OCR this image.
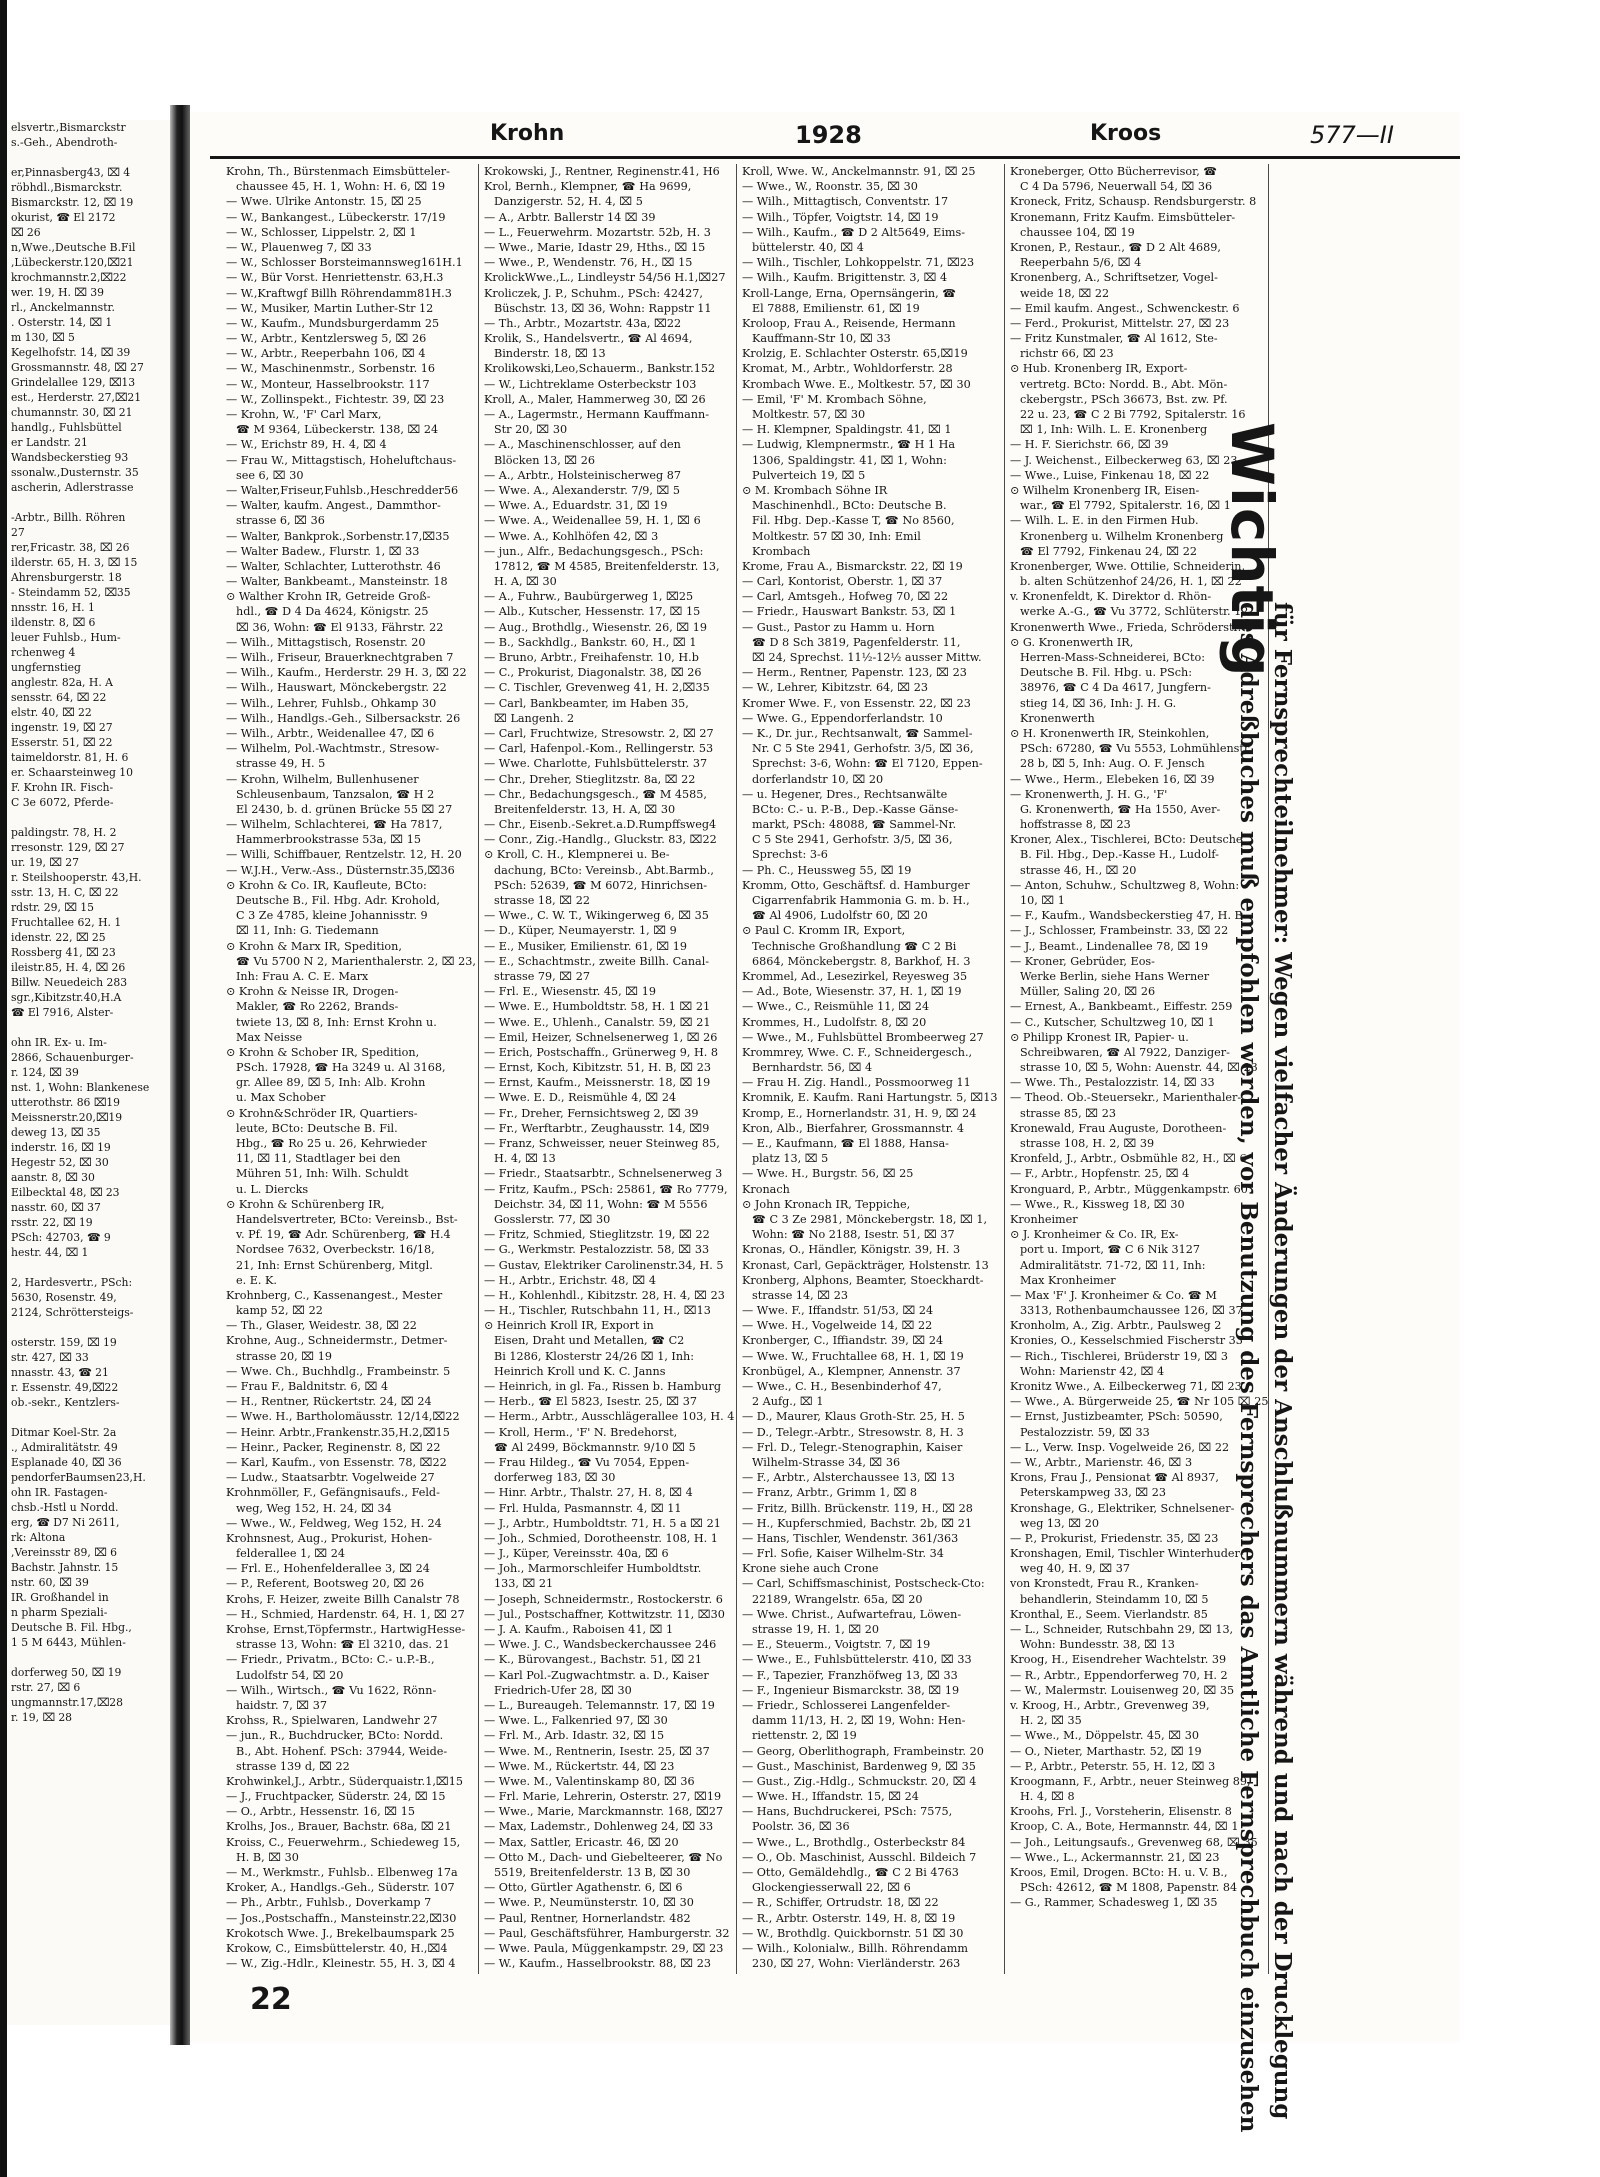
elsvertr.,Bismarckstr
s.-Geh., Abendroth-
er,Pinnasberg43, ⌧ 4
röbhdl.,Bismarckstr.
Bismarckstr. 12, ⌧ 19
okurist, ☎ El 2172
⌧ 26
n,Wwe.,Deutsche B.Fil
,Lübeckerstr.120,⌧21
krochmannstr.2,⌧22
wer. 19, H. ⌧ 39
rl., Anckelmannstr.
. Osterstr. 14, ⌧ 1
m 130, ⌧ 5
Kegelhofstr. 14, ⌧ 39
Grossmannstr. 48, ⌧ 27
Grindelallee 129, ⌧13
est., Herderstr. 27,⌧21
chumannstr. 30, ⌧ 21
handlg., Fuhlsbüttel
er Landstr. 21
Wandsbeckerstieg 93
ssonalw.,Dusternstr. 35
ascherin, Adlerstrasse
-Arbtr., Billh. Röhren
27
rer,Fricastr. 38, ⌧ 26
ilderstr. 65, H. 3, ⌧ 15
Ahrensburgerstr. 18
- Steindamm 52, ⌧35
nnsstr. 16, H. 1
ildenstr. 8, ⌧ 6
leuer Fuhlsb., Hum-
rchenweg 4
ungfernstieg
anglestr. 82a, H. A
sensstr. 64, ⌧ 22
elstr. 40, ⌧ 22
ingenstr. 19, ⌧ 27
Esserstr. 51, ⌧ 22
taimeldorstr. 81, H. 6
er. Schaarsteinweg 10
F. Krohn IR. Fisch-
C 3e 6072, Pferde-
paldingstr. 78, H. 2
rresonstr. 129, ⌧ 27
ur. 19, ⌧ 27
r. Steilshooperstr. 43,H.
sstr. 13, H. C, ⌧ 22
rdstr. 29, ⌧ 15
Fruchtallee 62, H. 1
idenstr. 22, ⌧ 25
Rossberg 41, ⌧ 23
ileistr.85, H. 4, ⌧ 26
Billw. Neuedeich 283
sgr.,Kibitzstr.40,H.A
☎ El 7916, Alster-
ohn IR. Ex- u. Im-
2866, Schauenburger-
r. 124, ⌧ 39
nst. 1, Wohn: Blankenese
utterothstr. 86 ⌧19
Meissnerstr.20,⌧19
deweg 13, ⌧ 35
inderstr. 16, ⌧ 19
Hegestr 52, ⌧ 30
aanstr. 8, ⌧ 30
Eilbecktal 48, ⌧ 23
nasstr. 60, ⌧ 37
rsstr. 22, ⌧ 19
PSch: 42703, ☎ 9
hestr. 44, ⌧ 1
2, Hardesvertr., PSch:
5630, Rosenstr. 49,
2124, Schröttersteigs-
osterstr. 159, ⌧ 19
str. 427, ⌧ 33
nnasstr. 43, ☎ 21
r. Essenstr. 49,⌧22
ob.-sekr., Kentzlers-
Ditmar Koel-Str. 2a
., Admiralitätstr. 49
Esplanade 40, ⌧ 36
pendorferBaumsen23,H.
ohn IR. Fastagen-
chsb.-Hstl u Nordd.
erg, ☎ D7 Ni 2611,
rk: Altona
,Vereinsstr 89, ⌧ 6
Bachstr. Jahnstr. 15
nstr. 60, ⌧ 39
IR. Großhandel in
n pharm Speziali-
Deutsche B. Fil. Hbg.,
1 5 M 6443, Mühlen-
dorferweg 50, ⌧ 19
rstr. 27, ⌧ 6
ungmannstr.17,⌧28
r. 19, ⌧ 28
Krohn	1928	Kroos	577—II
Krohn, Th., Bürstenmach Eimsbütteler-
chaussee 45, H. 1, Wohn: H. 6, ⌧ 19
— Wwe. Ulrike Antonstr. 15, ⌧ 25
— W., Bankangest., Lübeckerstr. 17/19
— W., Schlosser, Lippelstr. 2, ⌧ 1
— W., Plauenweg 7, ⌧ 33
— W., Schlosser Borsteimannsweg161H.1
— W., Bür Vorst. Henriettenstr. 63,H.3
— W.,Kraftwgf Billh Röhrendamm81H.3
— W., Musiker, Martin Luther-Str 12
— W., Kaufm., Mundsburgerdamm 25
— W., Arbtr., Kentzlersweg 5, ⌧ 26
— W., Arbtr., Reeperbahn 106, ⌧ 4
— W., Maschinenmstr., Sorbenstr. 16
— W., Monteur, Hasselbrookstr. 117
— W., Zollinspekt., Fichtestr. 39, ⌧ 23
— Krohn, W., 'F' Carl Marx,
☎ M 9364, Lübeckerstr. 138, ⌧ 24
— W., Erichstr 89, H. 4, ⌧ 4
— Frau W., Mittagstisch, Hoheluftchaus-
see 6, ⌧ 30
— Walter,Friseur,Fuhlsb.,Heschredder56
— Walter, kaufm. Angest., Dammthor-
strasse 6, ⌧ 36
— Walter, Bankprok.,Sorbenstr.17,⌧35
— Walter Badew., Flurstr. 1, ⌧ 33
— Walter, Schlachter, Lutterothstr. 46
— Walter, Bankbeamt., Mansteinstr. 18
⊙ Walther Krohn IR, Getreide Groß-
hdl., ☎ D 4 Da 4624, Königstr. 25
⌧ 36, Wohn: ☎ El 9133, Fährstr. 22
— Wilh., Mittagstisch, Rosenstr. 20
— Wilh., Friseur, Brauerknechtgraben 7
— Wilh., Kaufm., Herderstr. 29 H. 3, ⌧ 22
— Wilh., Hauswart, Mönckebergstr. 22
— Wilh., Lehrer, Fuhlsb., Ohkamp 30
— Wilh., Handlgs.-Geh., Silbersackstr. 26
— Wilh., Arbtr., Weidenallee 47, ⌧ 6
— Wilhelm, Pol.-Wachtmstr., Stresow-
strasse 49, H. 5
— Krohn, Wilhelm, Bullenhusener
Schleusenbaum, Tanzsalon, ☎ H 2
El 2430, b. d. grünen Brücke 55 ⌧ 27
— Wilhelm, Schlachterei, ☎ Ha 7817,
Hammerbrookstrasse 53a, ⌧ 15
— Willi, Schiffbauer, Rentzelstr. 12, H. 20
— W.J.H., Verw.-Ass., Düsternstr.35,⌧36
⊙ Krohn & Co. IR, Kaufleute, BCto:
Deutsche B., Fil. Hbg. Adr. Krohold,
C 3 Ze 4785, kleine Johannisstr. 9
⌧ 11, Inh: G. Tiedemann
⊙ Krohn & Marx IR, Spedition,
☎ Vu 5700 N 2, Marienthalerstr. 2, ⌧ 23,
Inh: Frau A. C. E. Marx
⊙ Krohn & Neisse IR, Drogen-
Makler, ☎ Ro 2262, Brands-
twiete 13, ⌧ 8, Inh: Ernst Krohn u.
Max Neisse
⊙ Krohn & Schober IR, Spedition,
PSch. 17928, ☎ Ha 3249 u. Al 3168,
gr. Allee 89, ⌧ 5, Inh: Alb. Krohn
u. Max Schober
⊙ Krohn&Schröder IR, Quartiers-
leute, BCto: Deutsche B. Fil.
Hbg., ☎ Ro 25 u. 26, Kehrwieder
11, ⌧ 11, Stadtlager bei den
Mühren 51, Inh: Wilh. Schuldt
u. L. Diercks
⊙ Krohn & Schürenberg IR,
Handelsvertreter, BCto: Vereinsb., Bst-
v. Pf. 19, ☎ Adr. Schürenberg, ☎ H.4
Nordsee 7632, Overbeckstr. 16/18,
21, Inh: Ernst Schürenberg, Mitgl.
e. E. K.
Krohnberg, C., Kassenangest., Mester
kamp 52, ⌧ 22
— Th., Glaser, Weidestr. 38, ⌧ 22
Krohne, Aug., Schneidermstr., Detmer-
strasse 20, ⌧ 19
— Wwe. Ch., Buchhdlg., Frambeinstr. 5
— Frau F., Baldnitstr. 6, ⌧ 4
— H., Rentner, Rückertstr. 24, ⌧ 24
— Wwe. H., Bartholomäusstr. 12/14,⌧22
— Heinr. Arbtr.,Frankenstr.35,H.2,⌧15
— Heinr., Packer, Reginenstr. 8, ⌧ 22
— Karl, Kaufm., von Essenstr. 78, ⌧22
— Ludw., Staatsarbtr. Vogelweide 27
Krohnmöller, F., Gefängnisaufs., Feld-
weg, Weg 152, H. 24, ⌧ 34
— Wwe., W., Feldweg, Weg 152, H. 24
Krohnsnest, Aug., Prokurist, Hohen-
felderallee 1, ⌧ 24
— Frl. E., Hohenfelderallee 3, ⌧ 24
— P., Referent, Bootsweg 20, ⌧ 26
Krohs, F. Heizer, zweite Billh Canalstr 78
— H., Schmied, Hardenstr. 64, H. 1, ⌧ 27
Krohse, Ernst,Töpfermstr., HartwigHesse-
strasse 13, Wohn: ☎ El 3210, das. 21
— Friedr., Privatm., BCto: C.- u.P.-B.,
Ludolfstr 54, ⌧ 20
— Wilh., Wirtsch., ☎ Vu 1622, Rönn-
haidstr. 7, ⌧ 37
Krohss, R., Spielwaren, Landwehr 27
— jun., R., Buchdrucker, BCto: Nordd.
B., Abt. Hohenf. PSch: 37944, Weide-
strasse 139 d, ⌧ 22
Krohwinkel,J., Arbtr., Süderquaistr.1,⌧15
— J., Fruchtpacker, Süderstr. 24, ⌧ 15
— O., Arbtr., Hessenstr. 16, ⌧ 15
Krolhs, Jos., Brauer, Bachstr. 68a, ⌧ 21
Kroiss, C., Feuerwehrm., Schiedeweg 15,
H. B, ⌧ 30
— M., Werkmstr., Fuhlsb.. Elbenweg 17a
Kroker, A., Handlgs.-Geh., Süderstr. 107
— Ph., Arbtr., Fuhlsb., Doverkamp 7
— Jos.,Postschaffn., Mansteinstr.22,⌧30
Krokotsch Wwe. J., Brekelbaumspark 25
Krokow, C., Eimsbüttelerstr. 40, H.,⌧4
— W., Zig.-Hdlr., Kleinestr. 55, H. 3, ⌧ 4
Krokowski, J., Rentner, Reginenstr.41, H6
Krol, Bernh., Klempner, ☎ Ha 9699,
Danzigerstr. 52, H. 4, ⌧ 5
— A., Arbtr. Ballerstr 14 ⌧ 39
— L., Feuerwehrm. Mozartstr. 52b, H. 3
— Wwe., Marie, Idastr 29, Hths., ⌧ 15
— Wwe., P., Wendenstr. 76, H., ⌧ 15
KrolickWwe.,L., Lindleystr 54/56 H.1,⌧27
Kroliczek, J. P., Schuhm., PSch: 42427,
Büschstr. 13, ⌧ 36, Wohn: Rappstr 11
— Th., Arbtr., Mozartstr. 43a, ⌧22
Krolik, S., Handelsvertr., ☎ Al 4694,
Binderstr. 18, ⌧ 13
Krolikowski,Leo,Schauerm., Bankstr.152
— W., Lichtreklame Osterbeckstr 103
Kroll, A., Maler, Hammerweg 30, ⌧ 26
— A., Lagermstr., Hermann Kauffmann-
Str 20, ⌧ 30
— A., Maschinenschlosser, auf den
Blöcken 13, ⌧ 26
— A., Arbtr., Holsteinischerweg 87
— Wwe. A., Alexanderstr. 7/9, ⌧ 5
— Wwe. A., Eduardstr. 31, ⌧ 19
— Wwe. A., Weidenallee 59, H. 1, ⌧ 6
— Wwe. A., Kohlhöfen 42, ⌧ 3
— jun., Alfr., Bedachungsgesch., PSch:
17812, ☎ M 4585, Breitenfelderstr. 13,
H. A, ⌧ 30
— A., Fuhrw., Baubürgerweg 1, ⌧25
— Alb., Kutscher, Hessenstr. 17, ⌧ 15
— Aug., Brothdlg., Wiesenstr. 26, ⌧ 19
— B., Sackhdlg., Bankstr. 60, H., ⌧ 1
— Bruno, Arbtr., Freihafenstr. 10, H.b
— C., Prokurist, Diagonalstr. 38, ⌧ 26
— C. Tischler, Grevenweg 41, H. 2,⌧35
— Carl, Bankbeamter, im Haben 35,
⌧ Langenh. 2
— Carl, Fruchtwize, Stresowstr. 2, ⌧ 27
— Carl, Hafenpol.-Kom., Rellingerstr. 53
— Wwe. Charlotte, Fuhlsbüttelerstr. 37
— Chr., Dreher, Stieglitzstr. 8a, ⌧ 22
— Chr., Bedachungsgesch., ☎ M 4585,
Breitenfelderstr. 13, H. A, ⌧ 30
— Chr., Eisenb.-Sekret.a.D.Rumpffsweg4
— Conr., Zig.-Handlg., Gluckstr. 83, ⌧22
⊙ Kroll, C. H., Klempnerei u. Be-
dachung, BCto: Vereinsb., Abt.Barmb.,
PSch: 52639, ☎ M 6072, Hinrichsen-
strasse 18, ⌧ 22
— Wwe., C. W. T., Wikingerweg 6, ⌧ 35
— D., Küper, Neumayerstr. 1, ⌧ 9
— E., Musiker, Emilienstr. 61, ⌧ 19
— E., Schachtmstr., zweite Billh. Canal-
strasse 79, ⌧ 27
— Frl. E., Wiesenstr. 45, ⌧ 19
— Wwe. E., Humboldtstr. 58, H. 1 ⌧ 21
— Wwe. E., Uhlenh., Canalstr. 59, ⌧ 21
— Emil, Heizer, Schnelsenerweg 1, ⌧ 26
— Erich, Postschaffn., Grünerweg 9, H. 8
— Ernst, Koch, Kibitzstr. 51, H. B, ⌧ 23
— Ernst, Kaufm., Meissnerstr. 18, ⌧ 19
— Wwe. E. D., Reismühle 4, ⌧ 24
— Fr., Dreher, Fernsichtsweg 2, ⌧ 39
— Fr., Werftarbtr., Zeughausstr. 14, ⌧9
— Franz, Schweisser, neuer Steinweg 85,
H. 4, ⌧ 13
— Friedr., Staatsarbtr., Schnelsenerweg 3
— Fritz, Kaufm., PSch: 25861, ☎ Ro 7779,
Deichstr. 34, ⌧ 11, Wohn: ☎ M 5556
Gosslerstr. 77, ⌧ 30
— Fritz, Schmied, Stieglitzstr. 19, ⌧ 22
— G., Werkmstr. Pestalozzistr. 58, ⌧ 33
— Gustav, Elektriker Carolinenstr.34, H. 5
— H., Arbtr., Erichstr. 48, ⌧ 4
— H., Kohlenhdl., Kibitzstr. 28, H. 4, ⌧ 23
— H., Tischler, Rutschbahn 11, H., ⌧13
⊙ Heinrich Kroll IR, Export in
Eisen, Draht und Metallen, ☎ C2
Bi 1286, Klosterstr 24/26 ⌧ 1, Inh:
Heinrich Kroll und K. C. Janns
— Heinrich, in gl. Fa., Rissen b. Hamburg
— Herb., ☎ El 5823, Isestr. 25, ⌧ 37
— Herm., Arbtr., Ausschlägerallee 103, H. 4
— Kroll, Herm., 'F' N. Bredehorst,
☎ Al 2499, Böckmannstr. 9/10 ⌧ 5
— Frau Hildeg., ☎ Vu 7054, Eppen-
dorferweg 183, ⌧ 30
— Hinr. Arbtr., Thalstr. 27, H. 8, ⌧ 4
— Frl. Hulda, Pasmannstr. 4, ⌧ 11
— J., Arbtr., Humboldtstr. 71, H. 5 a ⌧ 21
— Joh., Schmied, Dorotheenstr. 108, H. 1
— J., Küper, Vereinsstr. 40a, ⌧ 6
— Joh., Marmorschleifer Humboldtstr.
133, ⌧ 21
— Joseph, Schneidermstr., Rostockerstr. 6
— Jul., Postschaffner, Kottwitzstr. 11, ⌧30
— J. A. Kaufm., Raboisen 41, ⌧ 1
— Wwe. J. C., Wandsbeckerchaussee 246
— K., Bürovangest., Bachstr. 51, ⌧ 21
— Karl Pol.-Zugwachtmstr. a. D., Kaiser
Friedrich-Ufer 28, ⌧ 30
— L., Bureaugeh. Telemannstr. 17, ⌧ 19
— Wwe. L., Falkenried 97, ⌧ 30
— Frl. M., Arb. Idastr. 32, ⌧ 15
— Wwe. M., Rentnerin, Isestr. 25, ⌧ 37
— Wwe. M., Rückertstr. 44, ⌧ 23
— Wwe. M., Valentinskamp 80, ⌧ 36
— Frl. Marie, Lehrerin, Osterstr. 27, ⌧19
— Wwe., Marie, Marckmannstr. 168, ⌧27
— Max, Lademstr., Dohlenweg 24, ⌧ 33
— Max, Sattler, Ericastr. 46, ⌧ 20
— Otto M., Dach- und Giebelteerer, ☎ No
5519, Breitenfelderstr. 13 B, ⌧ 30
— Otto, Gürtler Agathenstr. 6, ⌧ 6
— Wwe. P., Neumünsterstr. 10, ⌧ 30
— Paul, Rentner, Hornerlandstr. 482
— Paul, Geschäftsführer, Hamburgerstr. 32
— Wwe. Paula, Müggenkampstr. 29, ⌧ 23
— W., Kaufm., Hasselbrookstr. 88, ⌧ 23
Kroll, Wwe. W., Anckelmannstr. 91, ⌧ 25
— Wwe., W., Roonstr. 35, ⌧ 30
— Wilh., Mittagtisch, Conventstr. 17
— Wilh., Töpfer, Voigtstr. 14, ⌧ 19
— Wilh., Kaufm., ☎ D 2 Alt5649, Eims-
büttelerstr. 40, ⌧ 4
— Wilh., Tischler, Lohkoppelstr. 71, ⌧23
— Wilh., Kaufm. Brigittenstr. 3, ⌧ 4
Kroll-Lange, Erna, Opernsängerin, ☎
El 7888, Emilienstr. 61, ⌧ 19
Kroloop, Frau A., Reisende, Hermann
Kauffmann-Str 10, ⌧ 33
Krolzig, E. Schlachter Osterstr. 65,⌧19
Kromat, M., Arbtr., Wohldorferstr. 28
Krombach Wwe. E., Moltkestr. 57, ⌧ 30
— Emil, 'F' M. Krombach Söhne,
Moltkestr. 57, ⌧ 30
— H. Klempner, Spaldingstr. 41, ⌧ 1
— Ludwig, Klempnermstr., ☎ H 1 Ha
1306, Spaldingstr. 41, ⌧ 1, Wohn:
Pulverteich 19, ⌧ 5
⊙ M. Krombach Söhne IR
Maschinenhdl., BCto: Deutsche B.
Fil. Hbg. Dep.-Kasse T, ☎ No 8560,
Moltkestr. 57 ⌧ 30, Inh: Emil
Krombach
Krome, Frau A., Bismarckstr. 22, ⌧ 19
— Carl, Kontorist, Oberstr. 1, ⌧ 37
— Carl, Amtsgeh., Hofweg 70, ⌧ 22
— Friedr., Hauswart Bankstr. 53, ⌧ 1
— Gust., Pastor zu Hamm u. Horn
☎ D 8 Sch 3819, Pagenfelderstr. 11,
⌧ 24, Sprechst. 11½-12½ ausser Mittw.
— Herm., Rentner, Papenstr. 123, ⌧ 23
— W., Lehrer, Kibitzstr. 64, ⌧ 23
Kromer Wwe. F., von Essenstr. 22, ⌧ 23
— Wwe. G., Eppendorferlandstr. 10
— K., Dr. jur., Rechtsanwalt, ☎ Sammel-
Nr. C 5 Ste 2941, Gerhofstr. 3/5, ⌧ 36,
Sprechst: 3-6, Wohn: ☎ El 7120, Eppen-
dorferlandstr 10, ⌧ 20
— u. Hegener, Dres., Rechtsanwälte
BCto: C.- u. P.-B., Dep.-Kasse Gänse-
markt, PSch: 48088, ☎ Sammel-Nr.
C 5 Ste 2941, Gerhofstr. 3/5, ⌧ 36,
Sprechst: 3-6
— Ph. C., Heussweg 55, ⌧ 19
Kromm, Otto, Geschäftsf. d. Hamburger
Cigarrenfabrik Hammonia G. m. b. H.,
☎ Al 4906, Ludolfstr 60, ⌧ 20
⊙ Paul C. Kromm IR, Export,
Technische Großhandlung ☎ C 2 Bi
6864, Mönckebergstr. 8, Barkhof, H. 3
Krommel, Ad., Lesezirkel, Reyesweg 35
— Ad., Bote, Wiesenstr. 37, H. 1, ⌧ 19
— Wwe., C., Reismühle 11, ⌧ 24
Krommes, H., Ludolfstr. 8, ⌧ 20
— Wwe., M., Fuhlsbüttel Brombeerweg 27
Krommrey, Wwe. C. F., Schneidergesch.,
Bernhardstr. 56, ⌧ 4
— Frau H. Zig. Handl., Possmoorweg 11
Kromnik, E. Kaufm. Rani Hartungstr. 5, ⌧13
Kromp, E., Hornerlandstr. 31, H. 9, ⌧ 24
Kron, Alb., Bierfahrer, Grossmannstr. 4
— E., Kaufmann, ☎ El 1888, Hansa-
platz 13, ⌧ 5
— Wwe. H., Burgstr. 56, ⌧ 25
Kronach
⊙ John Kronach IR, Teppiche,
☎ C 3 Ze 2981, Mönckebergstr. 18, ⌧ 1,
Wohn: ☎ No 2188, Isestr. 51, ⌧ 37
Kronas, O., Händler, Königstr. 39, H. 3
Kronast, Carl, Gepäckträger, Holstenstr. 13
Kronberg, Alphons, Beamter, Stoeckhardt-
strasse 14, ⌧ 23
— Wwe. F., Iffandstr. 51/53, ⌧ 24
— Wwe. H., Vogelweide 14, ⌧ 22
Kronberger, C., Iffiandstr. 39, ⌧ 24
— Wwe. W., Fruchtallee 68, H. 1, ⌧ 19
Kronbügel, A., Klempner, Annenstr. 37
— Wwe., C. H., Besenbinderhof 47,
2 Aufg., ⌧ 1
— D., Maurer, Klaus Groth-Str. 25, H. 5
— D., Telegr.-Arbtr., Stresowstr. 8, H. 3
— Frl. D., Telegr.-Stenographin, Kaiser
Wilhelm-Strasse 34, ⌧ 36
— F., Arbtr., Alsterchaussee 13, ⌧ 13
— Franz, Arbtr., Grimm 1, ⌧ 8
— Fritz, Billh. Brückenstr. 119, H., ⌧ 28
— H., Kupferschmied, Bachstr. 2b, ⌧ 21
— Hans, Tischler, Wendenstr. 361/363
— Frl. Sofie, Kaiser Wilhelm-Str. 34
Krone siehe auch Crone
— Carl, Schiffsmaschinist, Postscheck-Cto:
22189, Wrangelstr. 65a, ⌧ 20
— Wwe. Christ., Aufwartefrau, Löwen-
strasse 19, H. 1, ⌧ 20
— E., Steuerm., Voigtstr. 7, ⌧ 19
— Wwe., E., Fuhlsbüttelerstr. 410, ⌧ 33
— F., Tapezier, Franzhöfweg 13, ⌧ 33
— F., Ingenieur Bismarckstr. 38, ⌧ 19
— Friedr., Schlosserei Langenfelder-
damm 11/13, H. 2, ⌧ 19, Wohn: Hen-
riettenstr. 2, ⌧ 19
— Georg, Oberlithograph, Frambeinstr. 20
— Gust., Maschinist, Bardenweg 9, ⌧ 35
— Gust., Zig.-Hdlg., Schmuckstr. 20, ⌧ 4
— Wwe. H., Iffandstr. 15, ⌧ 24
— Hans, Buchdruckerei, PSch: 7575,
Poolstr. 36, ⌧ 36
— Wwe., L., Brothdlg., Osterbeckstr 84
— O., Ob. Maschinist, Ausschl. Bildeich 7
— Otto, Gemäldehdlg., ☎ C 2 Bi 4763
Glockengiesserwall 22, ⌧ 6
— R., Schiffer, Ortrudstr. 18, ⌧ 22
— R., Arbtr. Osterstr. 149, H. 8, ⌧ 19
— W., Brothdlg. Quickbornstr. 51 ⌧ 30
— Wilh., Kolonialw., Billh. Röhrendamm
230, ⌧ 27, Wohn: Vierländerstr. 263
Kroneberger, Otto Bücherrevisor, ☎
C 4 Da 5796, Neuerwall 54, ⌧ 36
Kroneck, Fritz, Schausp. Rendsburgerstr. 8
Kronemann, Fritz Kaufm. Eimsbütteler-
chaussee 104, ⌧ 19
Kronen, P., Restaur., ☎ D 2 Alt 4689,
Reeperbahn 5/6, ⌧ 4
Kronenberg, A., Schriftsetzer, Vogel-
weide 18, ⌧ 22
— Emil kaufm. Angest., Schwenckestr. 6
— Ferd., Prokurist, Mittelstr. 27, ⌧ 23
— Fritz Kunstmaler, ☎ Al 1612, Ste-
richstr 66, ⌧ 23
⊙ Hub. Kronenberg IR, Export-
vertretg. BCto: Nordd. B., Abt. Mön-
ckebergstr., PSch 36673, Bst. zw. Pf.
22 u. 23, ☎ C 2 Bi 7792, Spitalerstr. 16
⌧ 1, Inh: Wilh. L. E. Kronenberg
— H. F. Sierichstr. 66, ⌧ 39
— J. Weichenst., Eilbeckerweg 63, ⌧ 23
— Wwe., Luise, Finkenau 18, ⌧ 22
⊙ Wilhelm Kronenberg IR, Eisen-
war., ☎ El 7792, Spitalerstr. 16, ⌧ 1
— Wilh. L. E. in den Firmen Hub.
Kronenberg u. Wilhelm Kronenberg
☎ El 7792, Finkenau 24, ⌧ 22
Kronenberger, Wwe. Ottilie, Schneiderin,
b. alten Schützenhof 24/26, H. 1, ⌧ 22
v. Kronenfeldt, K. Direktor d. Rhön-
werke A.-G., ☎ Vu 3772, Schlüterstr. 12
Kronenwerth Wwe., Frieda, Schröderstr. 9
⊙ G. Kronenwerth IR,
Herren-Mass-Schneiderei, BCto:
Deutsche B. Fil. Hbg. u. PSch:
38976, ☎ C 4 Da 4617, Jungfern-
stieg 14, ⌧ 36, Inh: J. H. G.
Kronenwerth
⊙ H. Kronenwerth IR, Steinkohlen,
PSch: 67280, ☎ Vu 5553, Lohmühlenstr.
28 b, ⌧ 5, Inh: Aug. O. F. Jensch
— Wwe., Herm., Elebeken 16, ⌧ 39
— Kronenwerth, J. H. G., 'F'
G. Kronenwerth, ☎ Ha 1550, Aver-
hoffstrasse 8, ⌧ 23
Kroner, Alex., Tischlerei, BCto: Deutsche
B. Fil. Hbg., Dep.-Kasse H., Ludolf-
strasse 46, H., ⌧ 20
— Anton, Schuhw., Schultzweg 8, Wohn:
10, ⌧ 1
— F., Kaufm., Wandsbeckerstieg 47, H. B
— J., Schlosser, Frambeinstr. 33, ⌧ 22
— J., Beamt., Lindenallee 78, ⌧ 19
— Kroner, Gebrüder, Eos-
Werke Berlin, siehe Hans Werner
Müller, Saling 20, ⌧ 26
— Ernest, A., Bankbeamt., Eiffestr. 259
— C., Kutscher, Schultzweg 10, ⌧ 1
⊙ Philipp Kronest IR, Papier- u.
Schreibwaren, ☎ Al 7922, Danziger-
strasse 10, ⌧ 5, Wohn: Auenstr. 44, ⌧ 23
— Wwe. Th., Pestalozzistr. 14, ⌧ 33
— Theod. Ob.-Steuersekr., Marienthaler-
strasse 85, ⌧ 23
Kronewald, Frau Auguste, Dorotheen-
strasse 108, H. 2, ⌧ 39
Kronfeld, J., Arbtr., Osbmühle 82, H., ⌧ 6
— F., Arbtr., Hopfenstr. 25, ⌧ 4
Kronguard, P., Arbtr., Müggenkampstr. 60
— Wwe., R., Kissweg 18, ⌧ 30
Kronheimer
⊙ J. Kronheimer & Co. IR, Ex-
port u. Import, ☎ C 6 Nik 3127
Admiralitätstr. 71-72, ⌧ 11, Inh:
Max Kronheimer
— Max 'F' J. Kronheimer & Co. ☎ M
3313, Rothenbaumchaussee 126, ⌧ 37
Kronholm, A., Zig. Arbtr., Paulsweg 2
Kronies, O., Kesselschmied Fischerstr 33
— Rich., Tischlerei, Brüderstr 19, ⌧ 3
Wohn: Marienstr 42, ⌧ 4
Kronitz Wwe., A. Eilbeckerweg 71, ⌧ 23
— Wwe., A. Bürgerweide 25, ☎ Nr 105 ⌧ 25
— Ernst, Justizbeamter, PSch: 50590,
Pestalozzistr. 59, ⌧ 33
— L., Verw. Insp. Vogelweide 26, ⌧ 22
— W., Arbtr., Marienstr. 46, ⌧ 3
Krons, Frau J., Pensionat ☎ Al 8937,
Peterskampweg 33, ⌧ 23
Kronshage, G., Elektriker, Schnelsener-
weg 13, ⌧ 20
— P., Prokurist, Friedenstr. 35, ⌧ 23
Kronshagen, Emil, Tischler Winterhuder-
weg 40, H. 9, ⌧ 37
von Kronstedt, Frau R., Kranken-
behandlerin, Steindamm 10, ⌧ 5
Kronthal, E., Seem. Vierlandstr. 85
— L., Schneider, Rutschbahn 29, ⌧ 13,
Wohn: Bundesstr. 38, ⌧ 13
Kroog, H., Eisendreher Wachtelstr. 39
— R., Arbtr., Eppendorferweg 70, H. 2
— W., Malermstr. Louisenweg 20, ⌧ 35
v. Kroog, H., Arbtr., Grevenweg 39,
H. 2, ⌧ 35
— Wwe., M., Döppelstr. 45, ⌧ 30
— O., Nieter, Marthastr. 52, ⌧ 19
— P., Arbtr., Peterstr. 55, H. 12, ⌧ 3
Kroogmann, F., Arbtr., neuer Steinweg 89,
H. 4, ⌧ 8
Kroohs, Frl. J., Vorsteherin, Elisenstr. 8
Kroop, C. A., Bote, Hermannstr. 44, ⌧ 1
— Joh., Leitungsaufs., Grevenweg 68, ⌧ 35
— Wwe., L., Ackermannstr. 21, ⌧ 23
Kroos, Emil, Drogen. BCto: H. u. V. B.,
PSch: 42612, ☎ M 1808, Papenstr. 84
— G., Rammer, Schadesweg 1, ⌧ 35
22
Wichtig
für Fernsprechteilnehmer: Wegen vielfacher Änderungen der Anschlußnummern während und nach der Drucklegung
des Adreßbuches muß empfohlen werden, vor Benutzung des Fernsprechers das Amtliche Fernsprechbuch einzusehen
